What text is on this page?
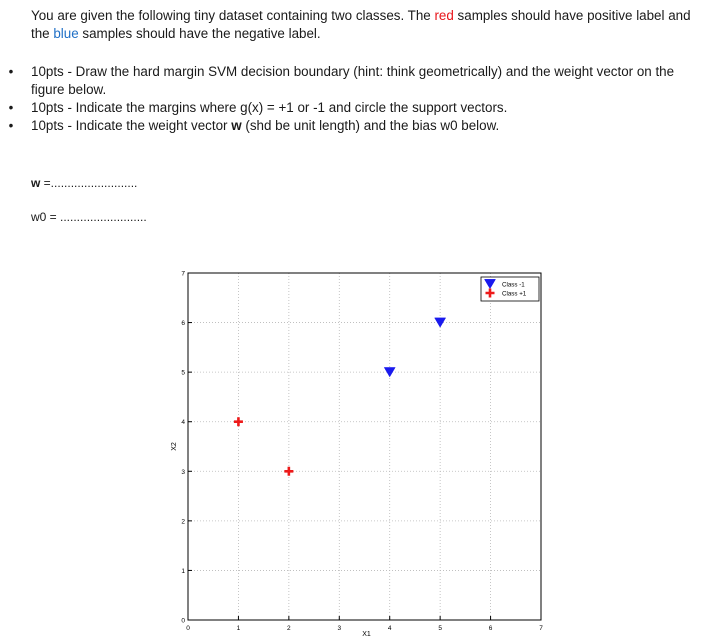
You are given the following tiny dataset containing two classes. The red samples should have positive label and the blue samples should have the negative label.
• 10pts - Draw the hard margin SVM decision boundary (hint: think geometrically) and the weight vector on the figure below.
• 10pts - Indicate the margins where g(x) = +1 or -1 and circle the support vectors.
• 10pts - Indicate the weight vector w (shd be unit length) and the bias w0 below.
w =..........................
w0 = ..........................
0	1	2	3	4	5	6	7
0
1
2
3
4
5
6
7
X1
X2
Class -1
Class +1
